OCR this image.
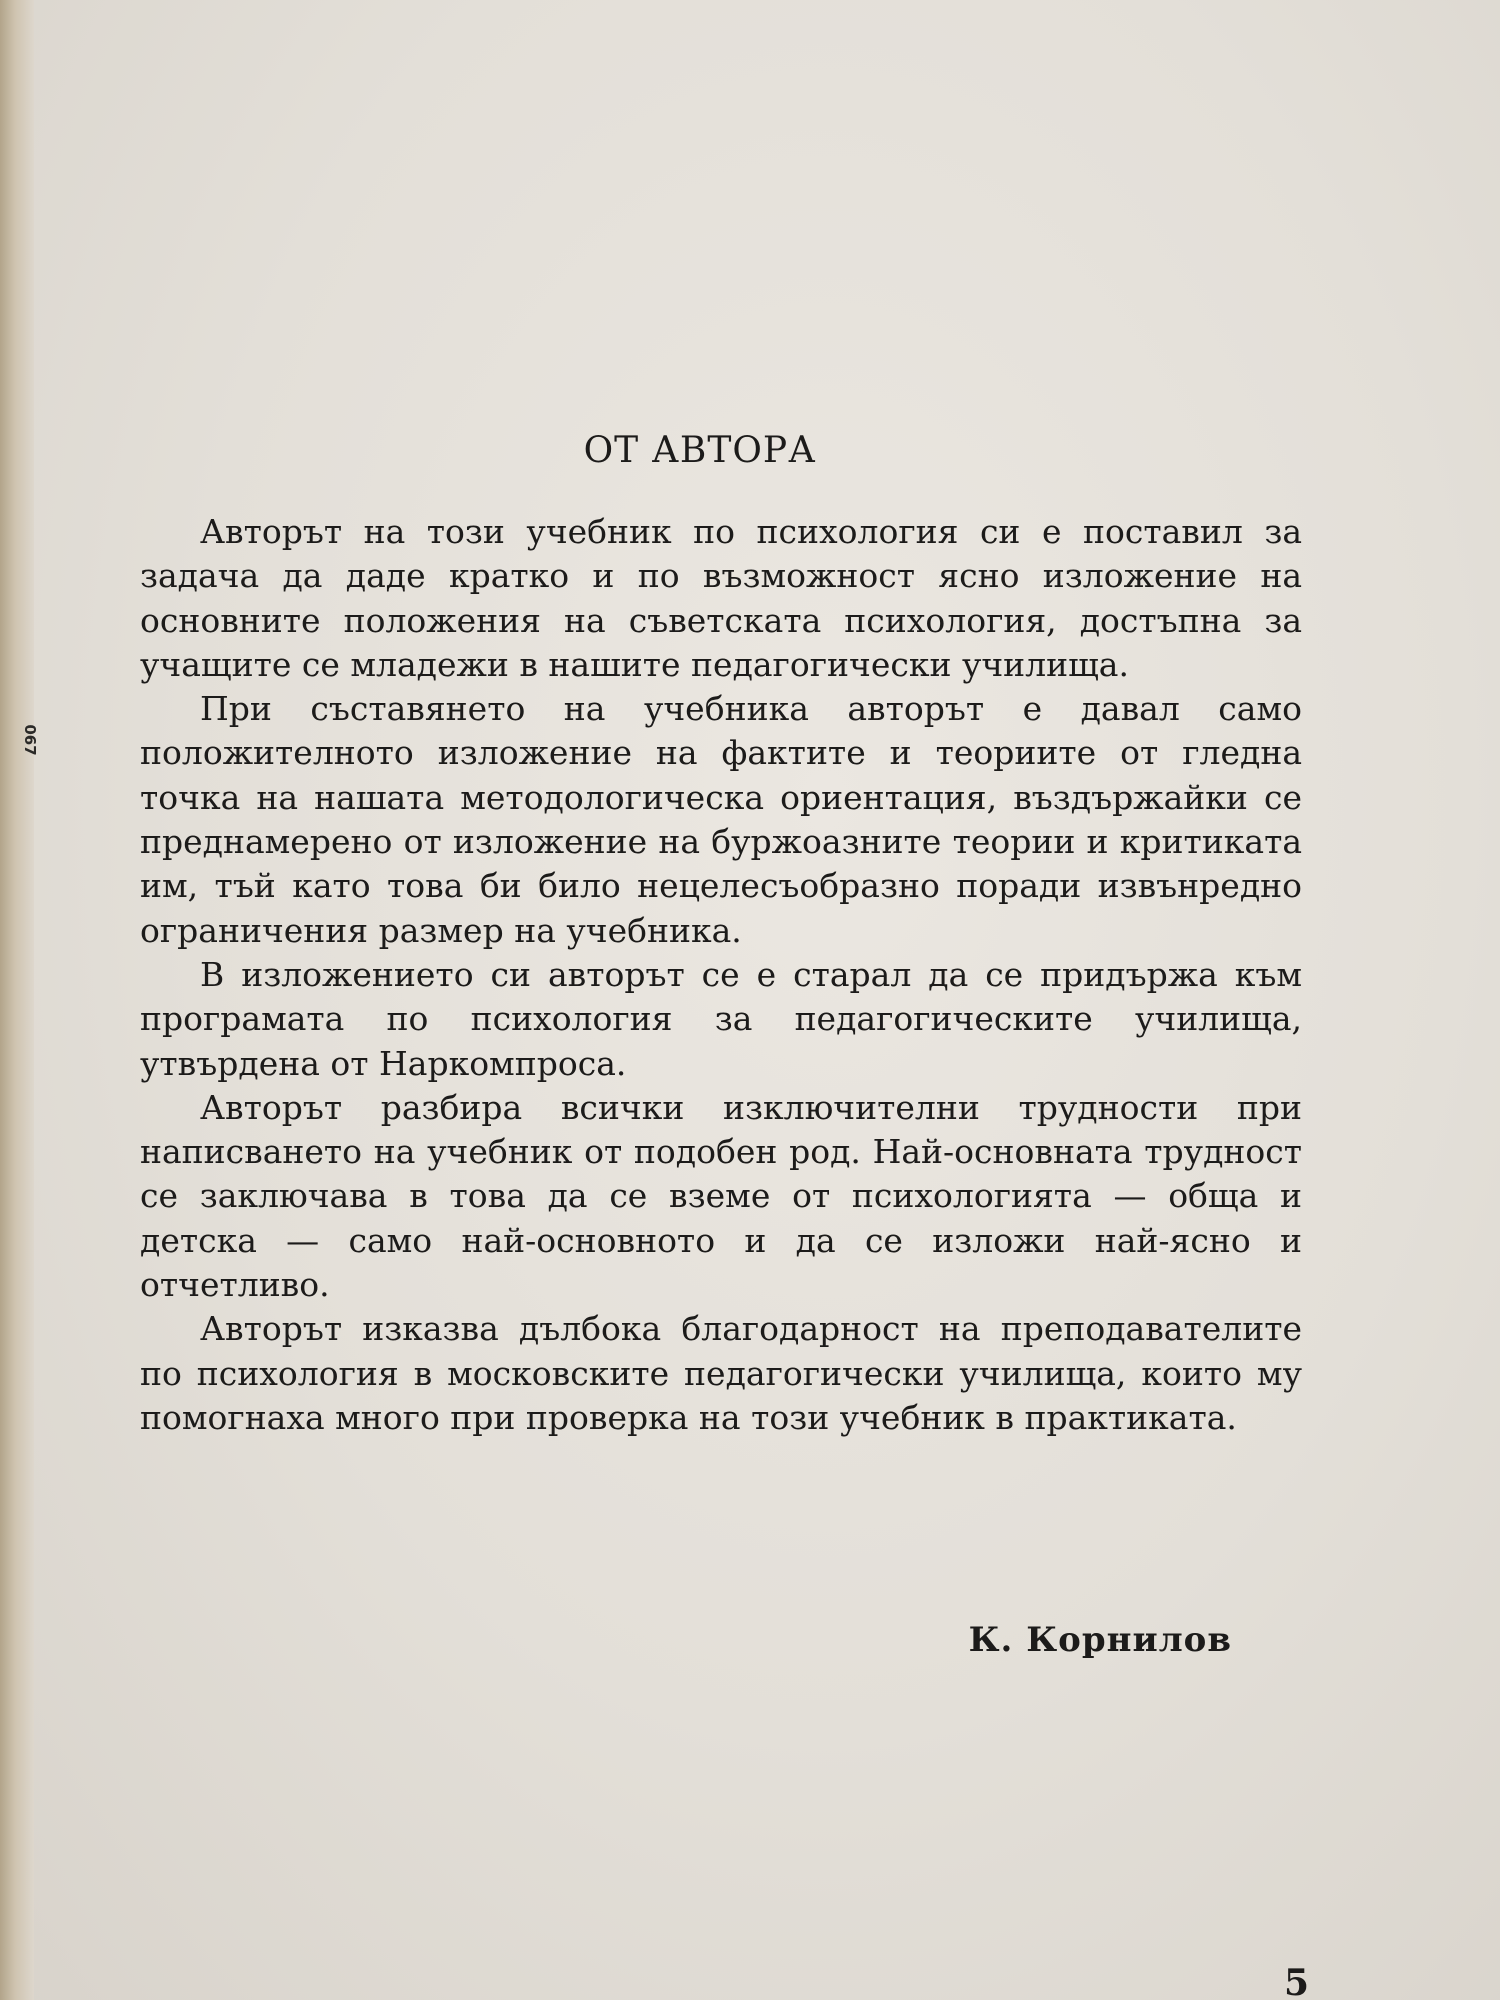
067
ОТ АВТОРА

Авторът на този учебник по психология си е поставил за задача да даде кратко и по възможност ясно изложение на основните положения на съветската психология, достъпна за учащите се младежи в нашите педагогически училища.

При съставянето на учебника авторът е давал само положителното изложение на фактите и теориите от гледна точка на нашата методологическа ориентация, въздържайки се преднамерено от изложение на буржоазните теории и критиката им, тъй като това би било нецелесъобразно поради извънредно ограничения размер на учебника.

В изложението си авторът се е старал да се придържа към програмата по психология за педагогическите училища, утвърдена от Наркомпроса.

Авторът разбира всички изключителни трудности при написването на учебник от подобен род. Най-основната трудност се заключава в това да се вземе от психологията — обща и детска — само най-основното и да се изложи най-ясно и отчетливо.

Авторът изказва дълбока благодарност на преподавателите по психология в московските педагогически училища, които му помогнаха много при проверка на този учебник в практиката.

К. Корнилов

5
